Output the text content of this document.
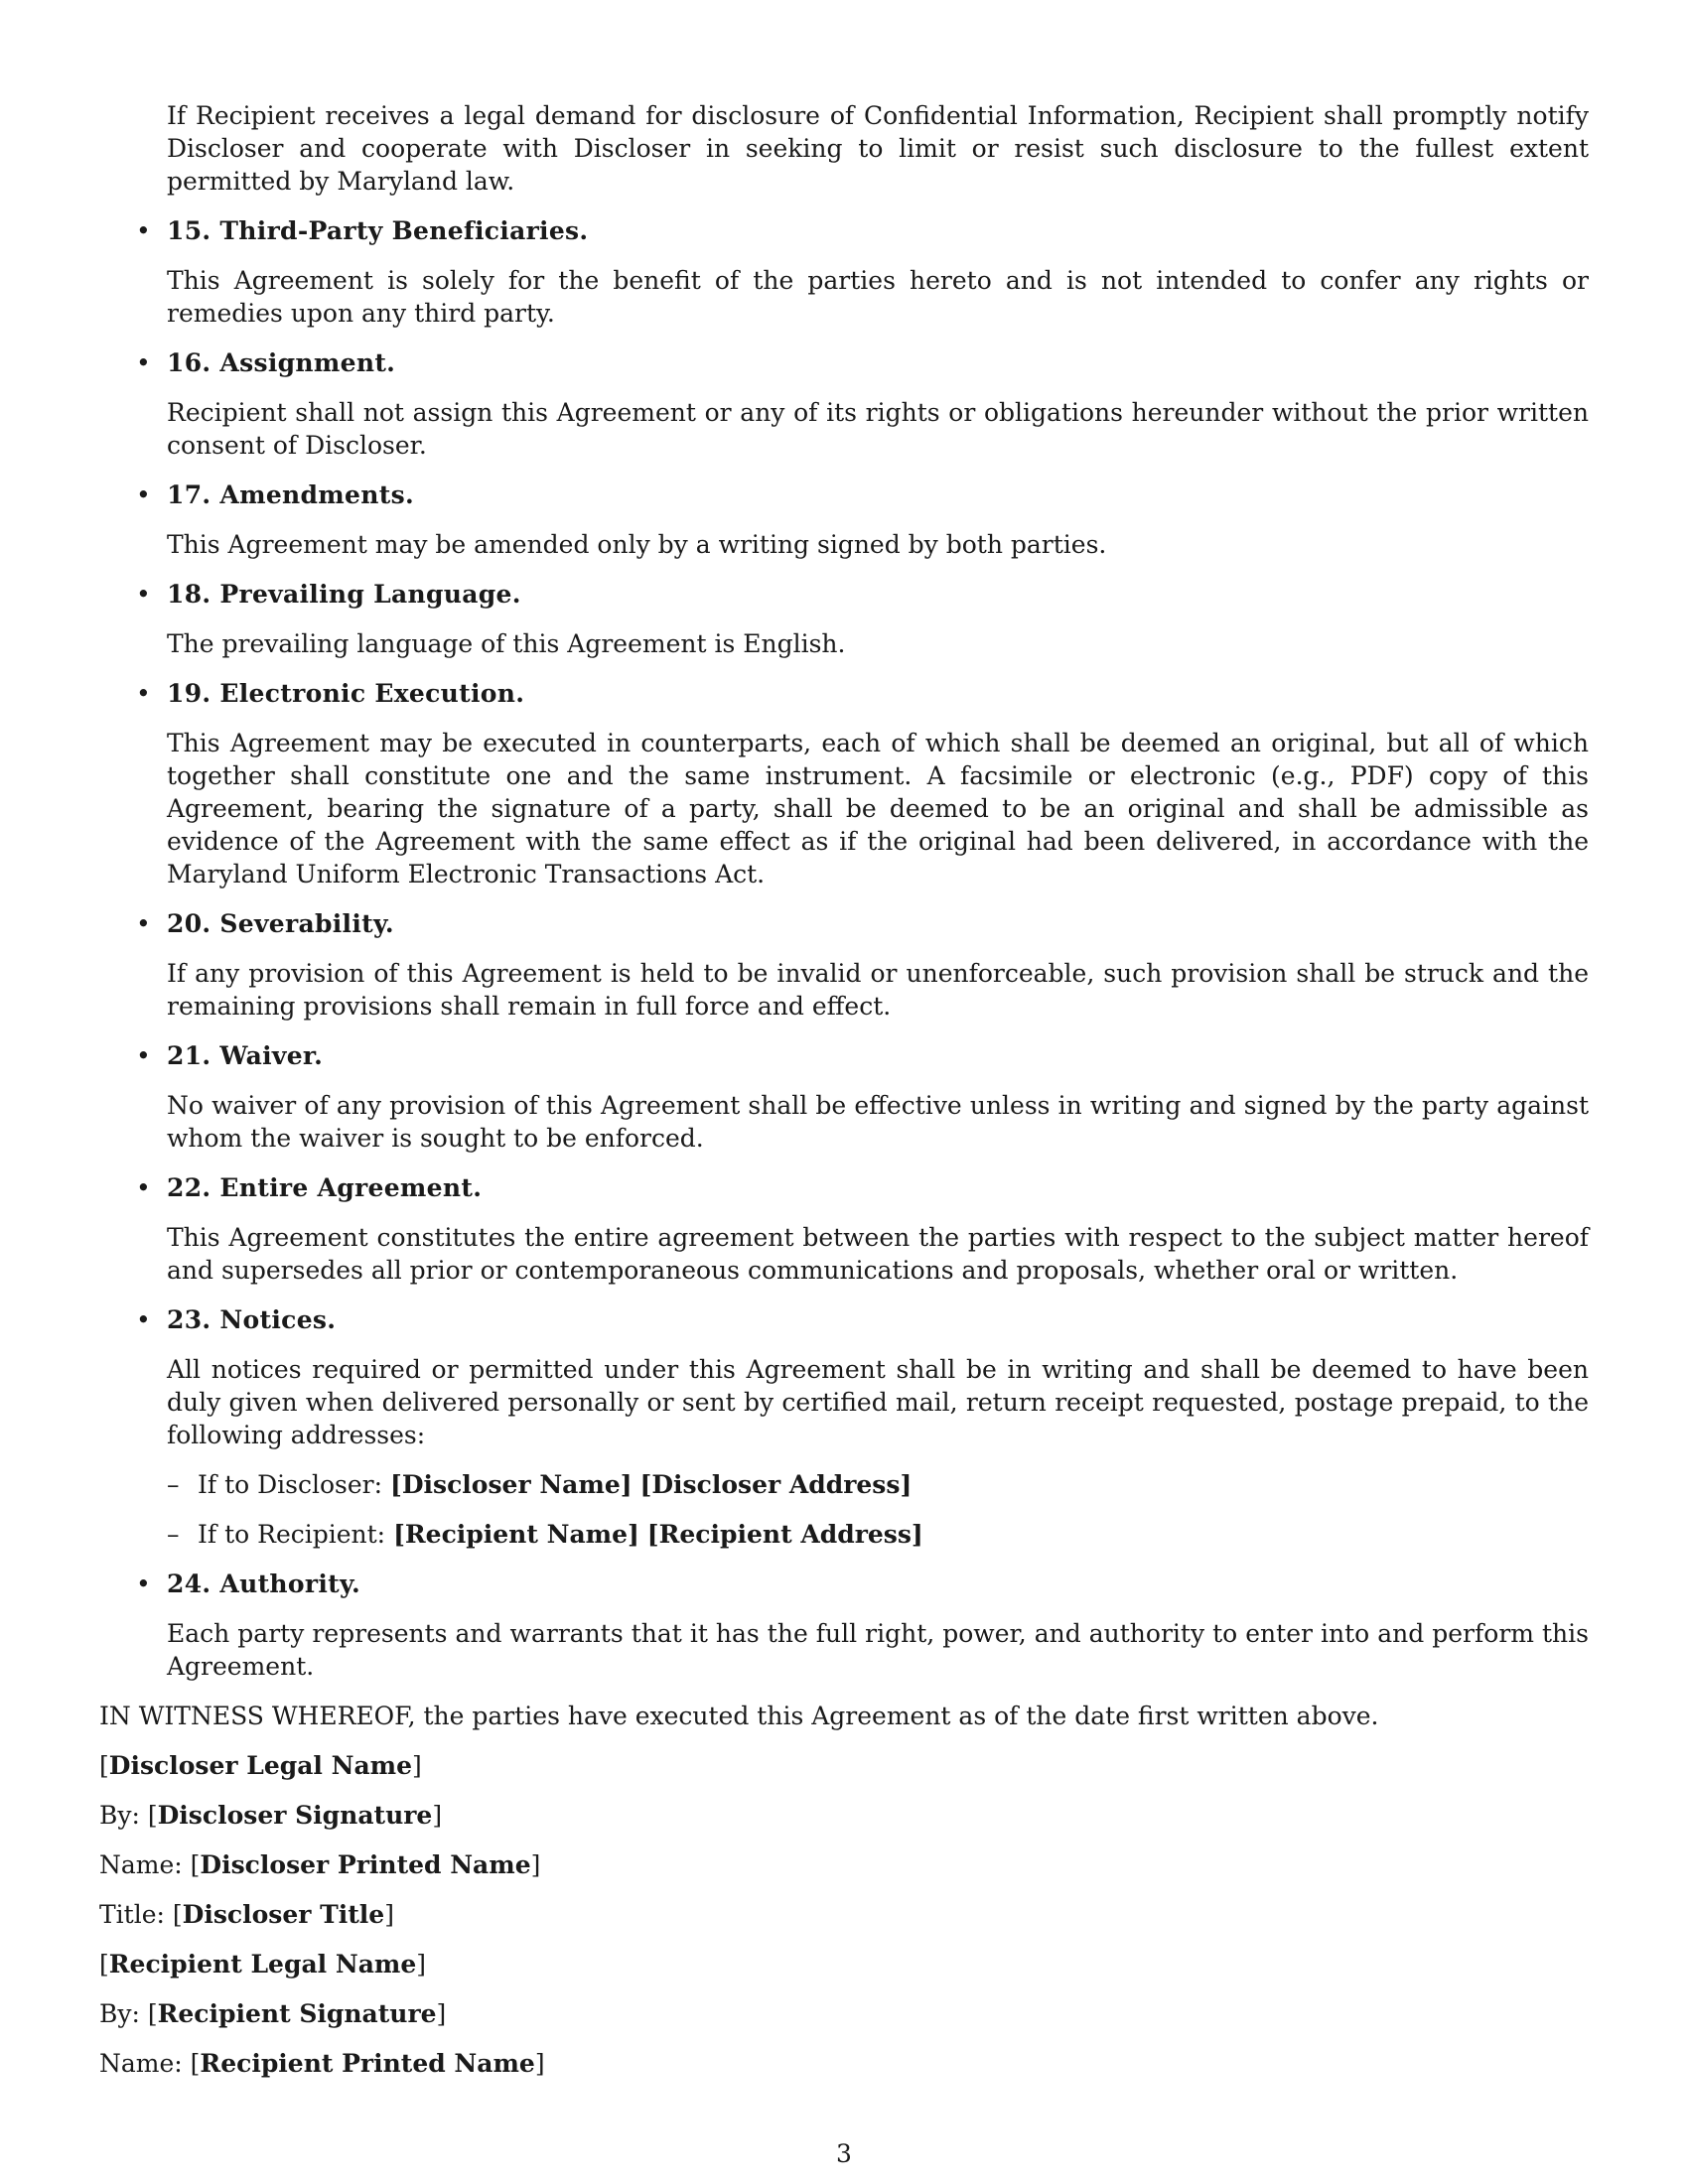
If Recipient receives a legal demand for disclosure of Confidential Information, Recipient shall promptly notify Discloser and cooperate with Discloser in seeking to limit or resist such disclosure to the fullest extent permitted by Maryland law.

• 15. Third-Party Beneficiaries.

This Agreement is solely for the benefit of the parties hereto and is not intended to confer any rights or remedies upon any third party.

• 16. Assignment.

Recipient shall not assign this Agreement or any of its rights or obligations hereunder without the prior written consent of Discloser.

• 17. Amendments.

This Agreement may be amended only by a writing signed by both parties.

• 18. Prevailing Language.

The prevailing language of this Agreement is English.

• 19. Electronic Execution.

This Agreement may be executed in counterparts, each of which shall be deemed an original, but all of which together shall constitute one and the same instrument. A facsimile or electronic (e.g., PDF) copy of this Agreement, bearing the signature of a party, shall be deemed to be an original and shall be admissible as evidence of the Agreement with the same effect as if the original had been delivered, in accordance with the Maryland Uniform Electronic Transactions Act.

• 20. Severability.

If any provision of this Agreement is held to be invalid or unenforceable, such provision shall be struck and the remaining provisions shall remain in full force and effect.

• 21. Waiver.

No waiver of any provision of this Agreement shall be effective unless in writing and signed by the party against whom the waiver is sought to be enforced.

• 22. Entire Agreement.

This Agreement constitutes the entire agreement between the parties with respect to the subject matter hereof and supersedes all prior or contemporaneous communications and proposals, whether oral or written.

• 23. Notices.

All notices required or permitted under this Agreement shall be in writing and shall be deemed to have been duly given when delivered personally or sent by certified mail, return receipt requested, postage prepaid, to the following addresses:

– If to Discloser: [Discloser Name] [Discloser Address]
– If to Recipient: [Recipient Name] [Recipient Address]
• 24. Authority.

Each party represents and warrants that it has the full right, power, and authority to enter into and perform this Agreement.

IN WITNESS WHEREOF, the parties have executed this Agreement as of the date first written above.

[Discloser Legal Name]
By: [Discloser Signature]
Name: [Discloser Printed Name]
Title: [Discloser Title]
[Recipient Legal Name]
By: [Recipient Signature]
Name: [Recipient Printed Name]
3
